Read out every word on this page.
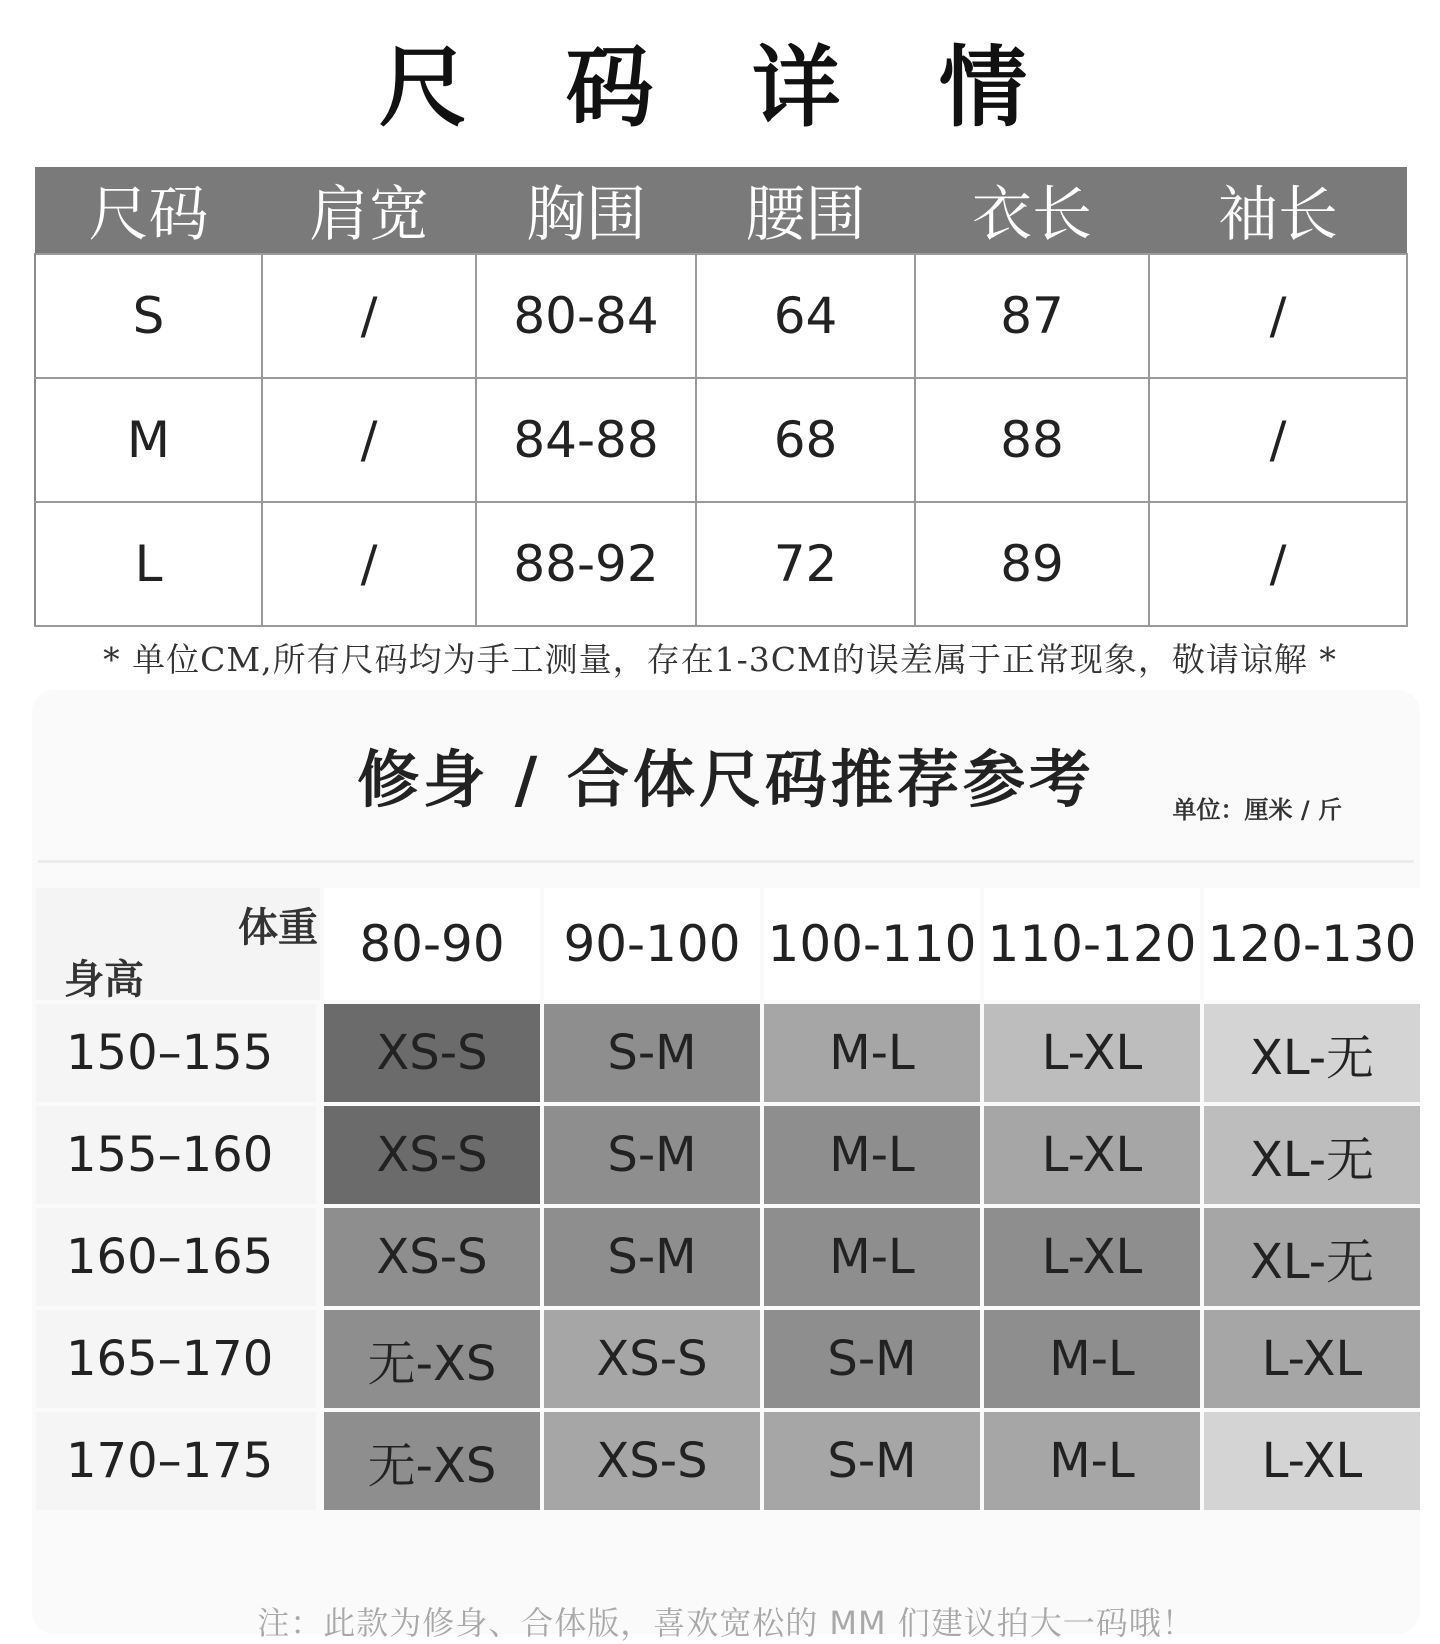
尺 码 详 情
尺码	肩宽	胸围	腰围	衣长	袖长
S	/	80-84	64	87	/
M	/	84-88	68	88	/
L	/	88-92	72	89	/
* 单位CM,所有尺码均为手工测量，存在1-3CM的误差属于正常现象，敬请谅解 *
修身 / 合体尺码推荐参考	单位：厘米 / 斤
体重
身高
80-90	90-100 100-110 110-120 120-130
150–155	XS-S	S-M	M-L	L-XL	XL-无
155–160	XS-S	S-M	M-L	L-XL	XL-无
160–165	XS-S	S-M	M-L	L-XL	XL-无
165–170	无-XS	XS-S	S-M	M-L	L-XL
170–175	无-XS	XS-S	S-M	M-L	L-XL
注：此款为修身、合体版，喜欢宽松的 MM 们建议拍大一码哦！
